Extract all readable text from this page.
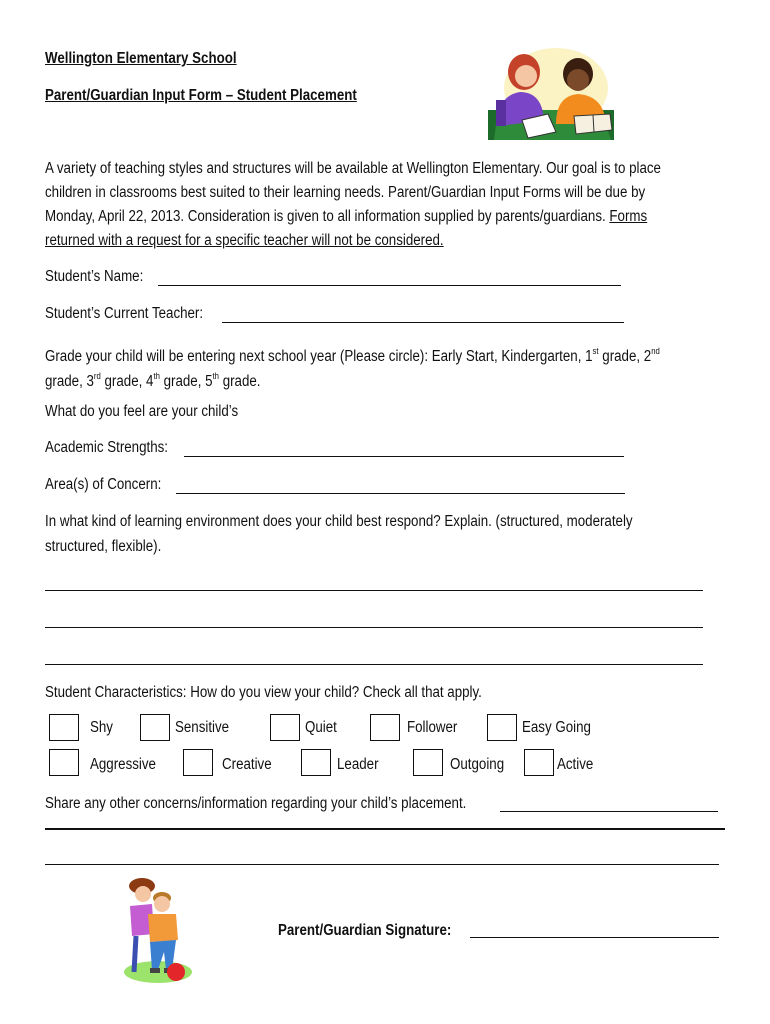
Wellington Elementary School
Parent/Guardian Input Form – Student Placement
A variety of teaching styles and structures will be available at Wellington Elementary. Our goal is to place
children in classrooms best suited to their learning needs. Parent/Guardian Input Forms will be due by
Monday, April 22, 2013. Consideration is given to all information supplied by parents/guardians. Forms
returned with a request for a specific teacher will not be considered.
Student’s Name:
Student’s Current Teacher:
Grade your child will be entering next school year (Please circle): Early Start, Kindergarten, 1st grade, 2nd
grade, 3rd grade, 4th grade, 5th grade.
What do you feel are your child’s
Academic Strengths:
Area(s) of Concern:
In what kind of learning environment does your child best respond? Explain. (structured, moderately
structured, flexible).
Student Characteristics: How do you view your child? Check all that apply.
Shy	Sensitive	Quiet	Follower	Easy Going
Aggressive	Creative	Leader	Outgoing	Active
Share any other concerns/information regarding your child’s placement.
Parent/Guardian Signature:
